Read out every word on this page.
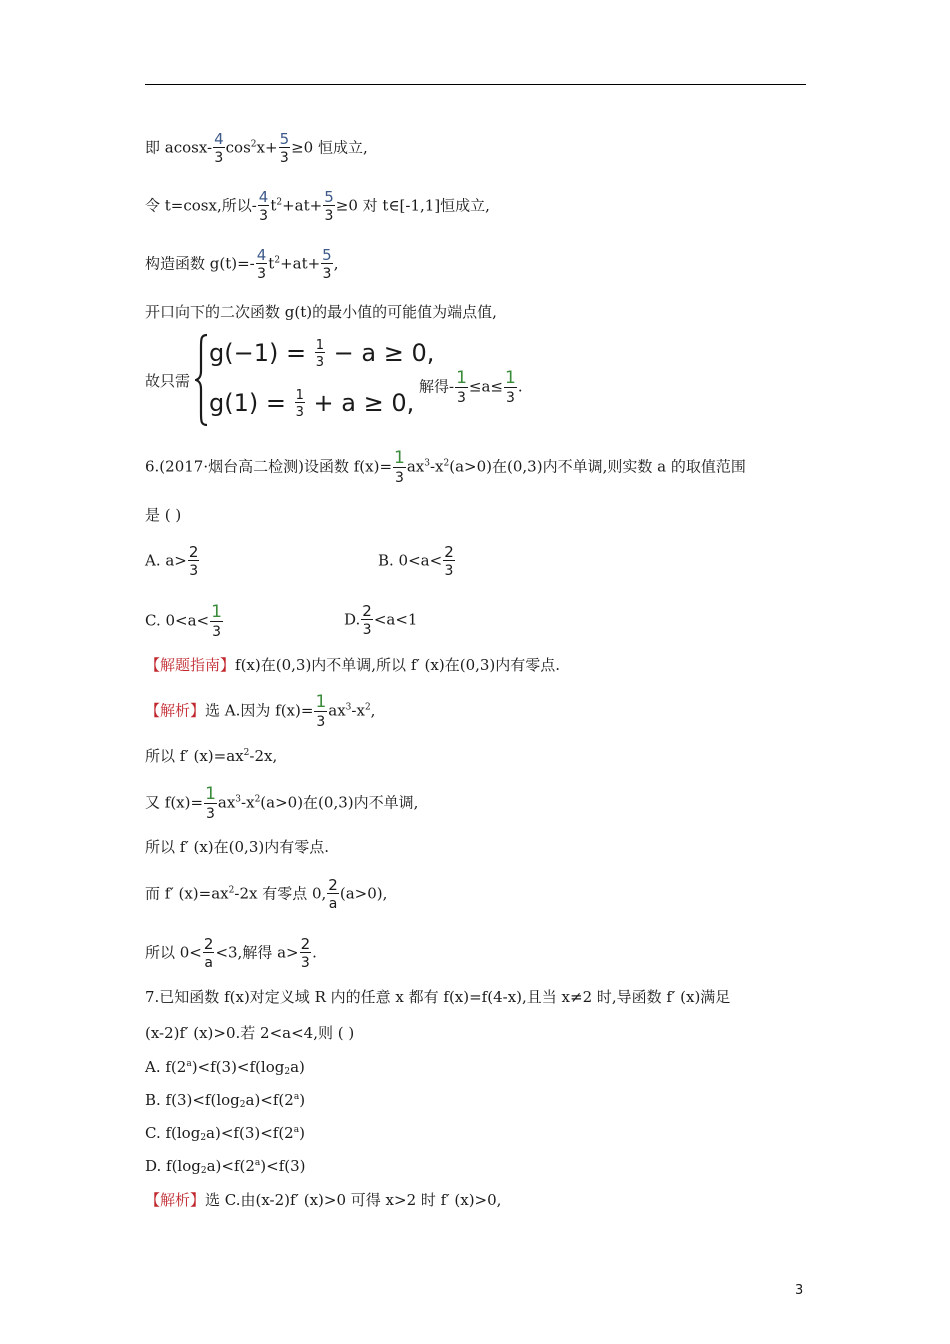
即 $acosx- \frac{4}{3} \cos^2x+ \frac{5}{3} \ge 0$ 恒成立,
令 t=cosx,所以- $\frac{4}{3} t^2+at+ \frac{5}{3} \ge 0$ 对 t∈[-1,1]恒成立,
构造函数 $g(t)=- \frac{4}{3} t^2+at+ \frac{5}{3}$ ,
开口向下的二次函数 g(t)的最小值的可能值为端点值,
故只需
$g(-1) = \frac{1}{3} - a \ge 0$,
$g(1) = \frac{1}{3} + a \ge 0$,
解得- 1
3
≤a≤ 1
3
.
6.(2017·烟台高二检测)设函数 f(x)= 1
3
$ax^3-x^2(a>0)$在(0,3)内不单调,则实数 a 的取值范围
是 ( )
A. $a> \frac{2}{3}$	B. $0<a< \frac{2}{3}$
C. 0<a< 1
3
D. $\frac{2}{3} <a<1$
【解题指南】f(x)在(0,3)内不单调,所以 f′ (x)在(0,3)内有零点.
【解析】选 A.因为 f(x)= 1
3
$ax^3-x^2$,
所以 f′ $(x)=ax^2-2x$,
又 f(x)= 1
3
$ax^3-x^2(a>0)$在(0,3)内不单调,
所以 f′ (x)在(0,3)内有零点.
而 f′ $(x)=ax^2-2x$ 有零点 0, $\frac{2}{a} (a>0)$,
所以 $0< \frac{2}{a} <3$,解得 $a> \frac{2}{3}$ .
7.已知函数 f(x)对定义域 R 内的任意 x 都有 f(x)=f(4-x),且当 x≠2 时,导函数 f′ (x)满足
(x-2)f′ (x)>0.若 2<a<4,则 ( )
A. $f(2^a)<f(3)<f(\log_2a)$
B. $f(3)<f(\log_2a)<f(2^a)$
C. $f(\log_2a)<f(3)<f(2^a)$
D. $f(\log_2a)<f(2^a)<f(3)$
【解析】选 C.由(x-2)f′ (x)>0 可得 x>2 时 f′ (x)>0,
3
